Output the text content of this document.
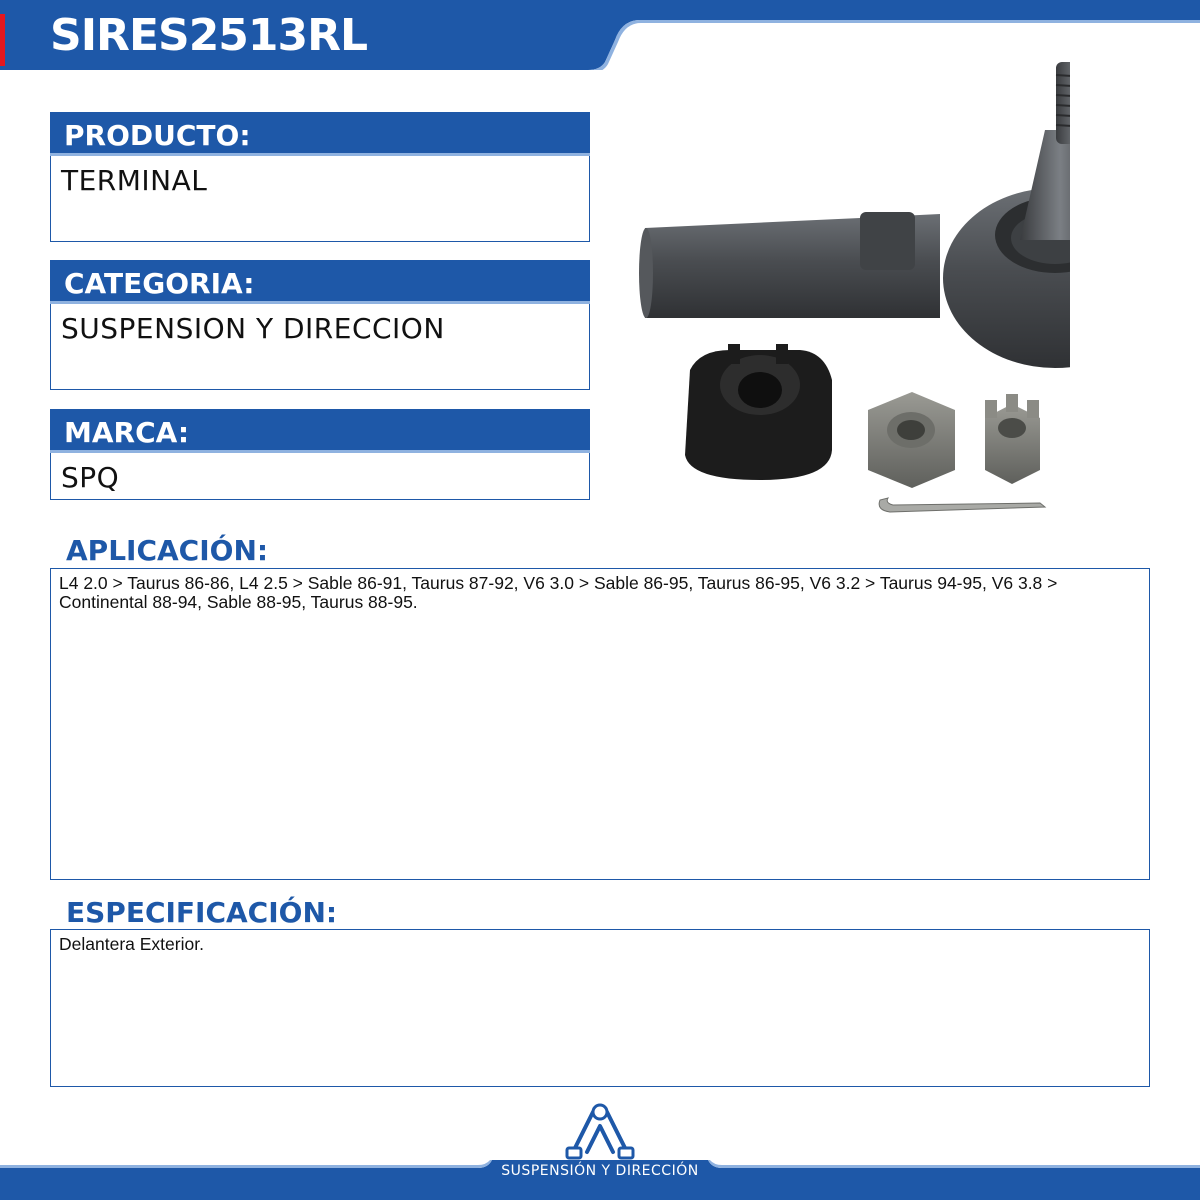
SIRES2513RL
PRODUCTO:
TERMINAL
CATEGORIA:
SUSPENSION Y DIRECCION
MARCA:
SPQ
APLICACIÓN:
L4 2.0 > Taurus 86-86, L4 2.5 > Sable 86-91, Taurus 87-92, V6 3.0 > Sable 86-95, Taurus 86-95, V6 3.2 > Taurus 94-95, V6 3.8 > Continental 88-94, Sable 88-95, Taurus 88-95.
ESPECIFICACIÓN:
Delantera Exterior.
SUSPENSIÓN Y DIRECCIÓN
